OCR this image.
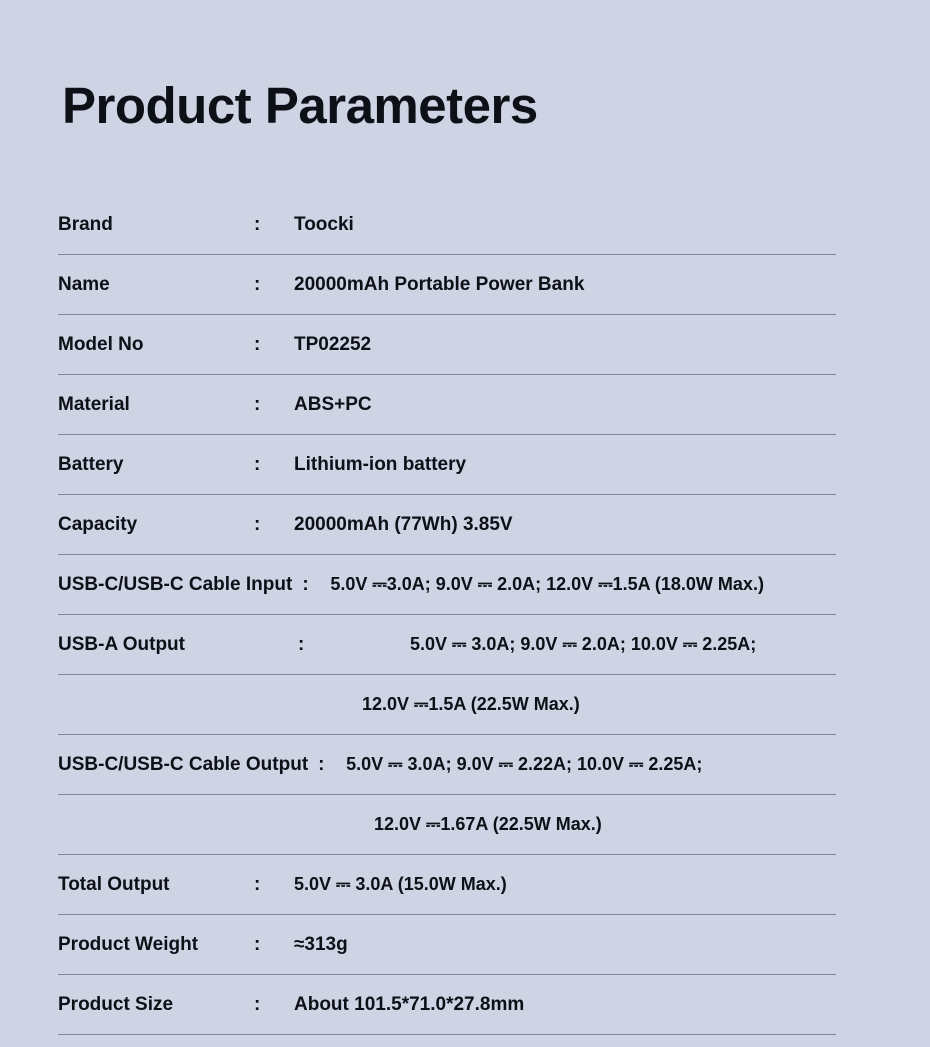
Product Parameters
Brand	:	Toocki
Name	:	20000mAh Portable Power Bank
Model No	:	TP02252
Material	:	ABS+PC
Battery	:	Lithium-ion battery
Capacity	:	20000mAh (77Wh) 3.85V
USB-C/USB-C Cable Input :	5.0V ⎓3.0A; 9.0V ⎓ 2.0A; 12.0V ⎓1.5A (18.0W Max.)
USB-A Output	:	5.0V ⎓ 3.0A; 9.0V ⎓ 2.0A; 10.0V ⎓ 2.25A;
12.0V ⎓1.5A (22.5W Max.)
USB-C/USB-C Cable Output :	5.0V ⎓ 3.0A; 9.0V ⎓ 2.22A; 10.0V ⎓ 2.25A;
12.0V ⎓1.67A (22.5W Max.)
Total Output	:	5.0V ⎓ 3.0A (15.0W Max.)
Product Weight	:	≈313g
Product Size	:	About 101.5*71.0*27.8mm
